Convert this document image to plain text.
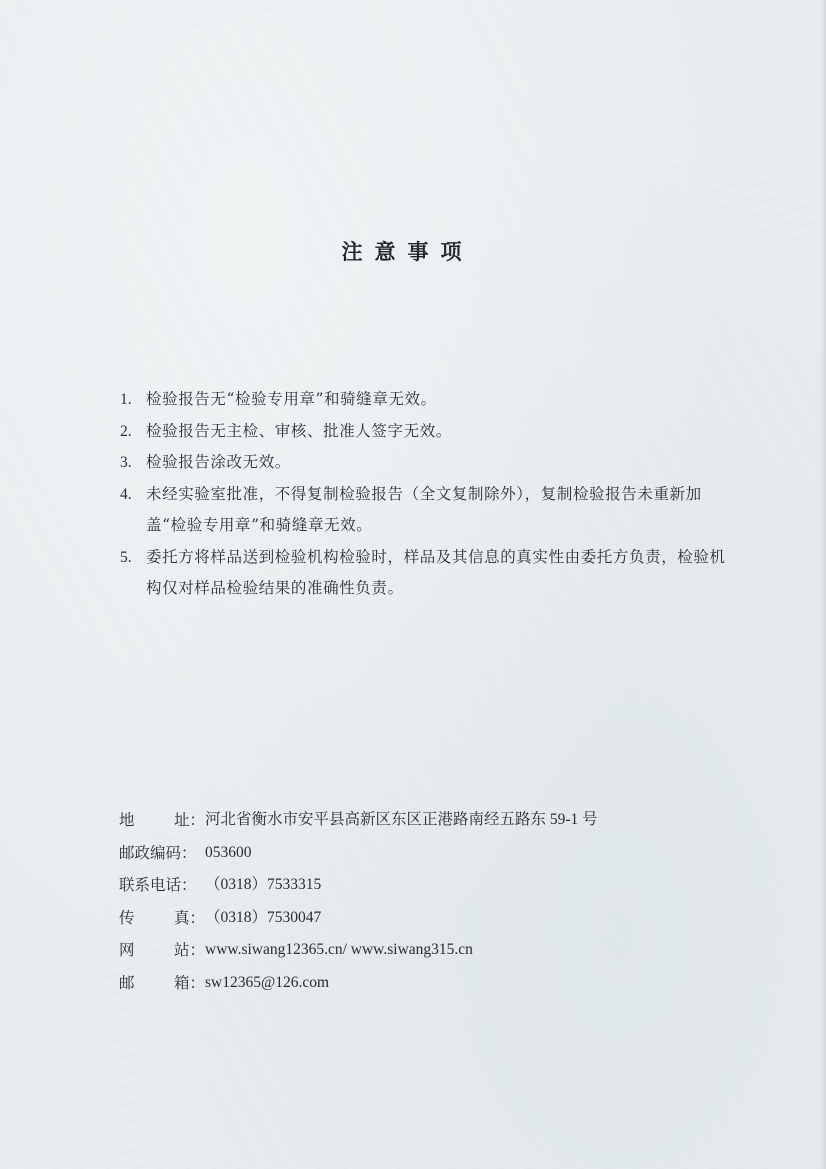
注意事项
1. 检验报告无“检验专用章”和骑缝章无效。
2. 检验报告无主检、审核、批准人签字无效。
3. 检验报告涂改无效。
4. 未经实验室批准，不得复制检验报告（全文复制除外），复制检验报告未重新加盖“检验专用章”和骑缝章无效。
5. 委托方将样品送到检验机构检验时，样品及其信息的真实性由委托方负责，检验机构仅对样品检验结果的准确性负责。
地	址： 河北省衡水市安平县高新区东区正港路南经五路东 59-1 号
邮政编码： 053600
联系电话： （0318）7533315
传	真： （0318）7530047
网	站： www.siwang12365.cn/ www.siwang315.cn
邮	箱： sw12365@126.com
